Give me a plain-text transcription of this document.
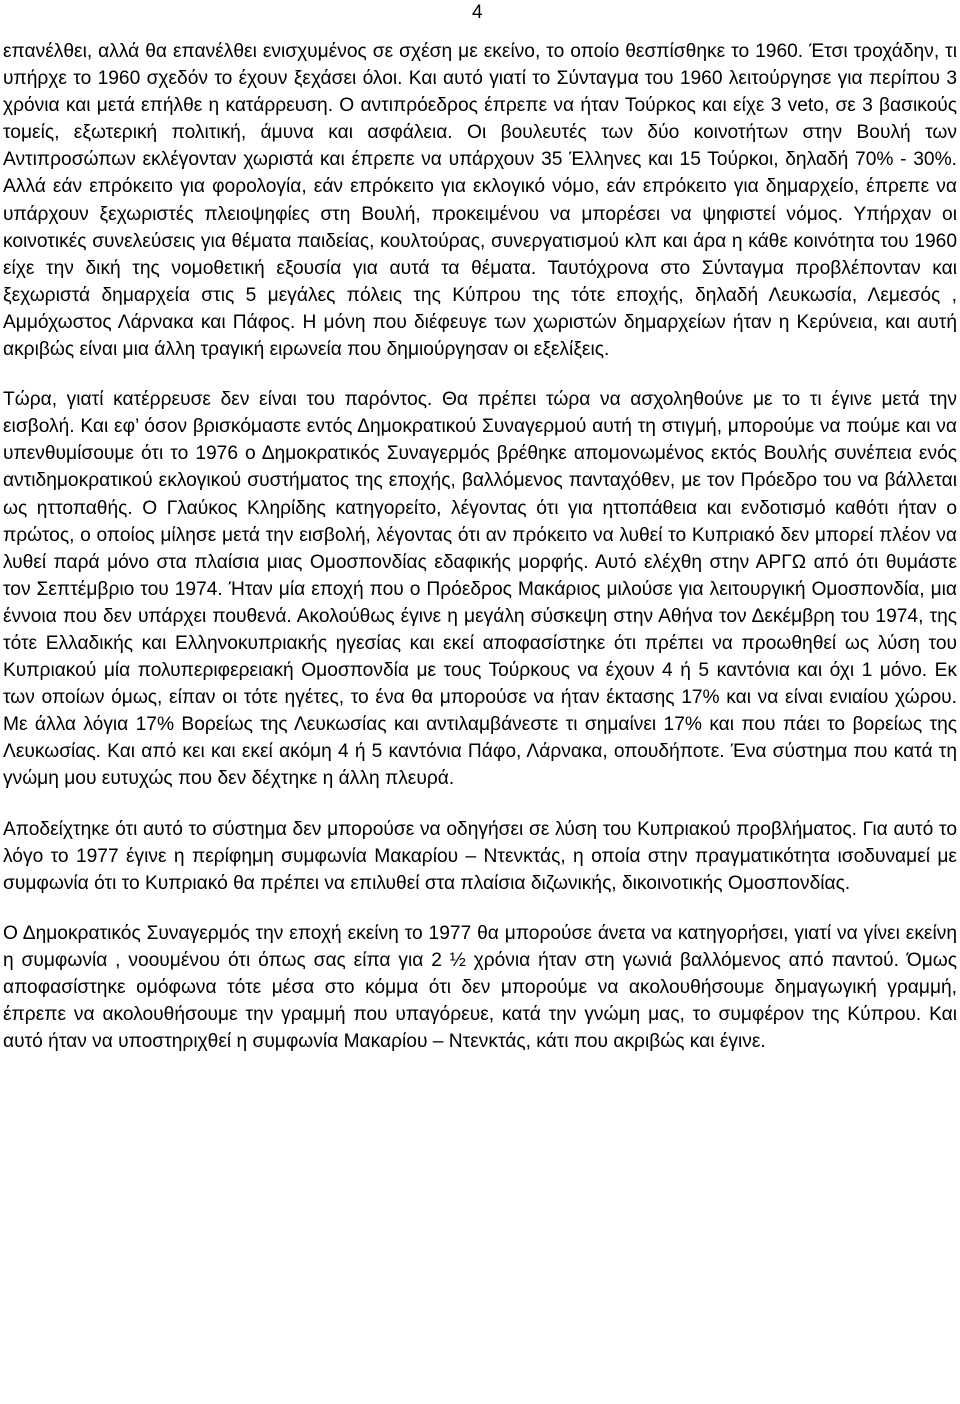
4

επανέλθει, αλλά θα επανέλθει ενισχυμένος σε σχέση με εκείνο, το οποίο θεσπίσθηκε το 1960. Έτσι τροχάδην, τι υπήρχε το 1960 σχεδόν το έχουν ξεχάσει όλοι. Και αυτό γιατί το Σύνταγμα του 1960 λειτούργησε για περίπου 3 χρόνια και μετά επήλθε η κατάρρευση. Ο αντιπρόεδρος έπρεπε να ήταν Τούρκος και είχε 3 veto, σε 3 βασικούς τομείς, εξωτερική πολιτική, άμυνα και ασφάλεια. Οι βουλευτές των δύο κοινοτήτων στην Βουλή των Αντιπροσώπων εκλέγονταν χωριστά και έπρεπε να υπάρχουν 35 Έλληνες και 15 Τούρκοι, δηλαδή 70% - 30%. Αλλά εάν επρόκειτο για φορολογία, εάν επρόκειτο για εκλογικό νόμο, εάν επρόκειτο για δημαρχείο, έπρεπε να υπάρχουν ξεχωριστές πλειοψηφίες στη Βουλή, προκειμένου να μπορέσει να ψηφιστεί νόμος. Υπήρχαν οι κοινοτικές συνελεύσεις για θέματα παιδείας, κουλτούρας, συνεργατισμού κλπ και άρα η κάθε κοινότητα του 1960 είχε την δική της νομοθετική εξουσία για αυτά τα θέματα. Ταυτόχρονα στο Σύνταγμα προβλέπονταν και ξεχωριστά δημαρχεία στις 5 μεγάλες πόλεις της Κύπρου της τότε εποχής, δηλαδή Λευκωσία, Λεμεσός , Αμμόχωστος Λάρνακα και Πάφος. Η μόνη που διέφευγε των χωριστών δημαρχείων ήταν η Κερύνεια, και αυτή ακριβώς είναι μια άλλη τραγική ειρωνεία που δημιούργησαν οι εξελίξεις.

Τώρα, γιατί κατέρρευσε δεν είναι του παρόντος. Θα πρέπει τώρα να ασχοληθούνε με το τι έγινε μετά την εισβολή. Και εφ’ όσον βρισκόμαστε εντός Δημοκρατικού Συναγερμού αυτή τη στιγμή, μπορούμε να πούμε και να υπενθυμίσουμε ότι το 1976 ο Δημοκρατικός Συναγερμός βρέθηκε απομονωμένος εκτός Βουλής συνέπεια ενός αντιδημοκρατικού εκλογικού συστήματος της εποχής, βαλλόμενος πανταχόθεν, με τον Πρόεδρο του να βάλλεται ως ηττοπαθής. Ο Γλαύκος Κληρίδης κατηγορείτο, λέγοντας ότι για ηττοπάθεια και ενδοτισμό καθότι ήταν ο πρώτος, ο οποίος μίλησε μετά την εισβολή, λέγοντας ότι αν πρόκειτο να λυθεί το Κυπριακό δεν μπορεί πλέον να λυθεί παρά μόνο στα πλαίσια μιας Ομοσπονδίας εδαφικής μορφής. Αυτό ελέχθη στην ΑΡΓΩ από ότι θυμάστε τον Σεπτέμβριο του 1974. Ήταν μία εποχή που ο Πρόεδρος Μακάριος μιλούσε για λειτουργική Ομοσπονδία, μια έννοια που δεν υπάρχει πουθενά. Ακολούθως έγινε η μεγάλη σύσκεψη στην Αθήνα τον Δεκέμβρη του 1974, της τότε Ελλαδικής και Ελληνοκυπριακής ηγεσίας και εκεί αποφασίστηκε ότι πρέπει να προωθηθεί ως λύση του Κυπριακού μία πολυπεριφερειακή Ομοσπονδία με τους Τούρκους να έχουν 4 ή 5 καντόνια και όχι 1 μόνο. Εκ των οποίων όμως, είπαν οι τότε ηγέτες, το ένα θα μπορούσε να ήταν έκτασης 17% και να είναι ενιαίου χώρου. Με άλλα λόγια 17% Βορείως της Λευκωσίας και αντιλαμβάνεστε τι σημαίνει 17% και που πάει το βορείως της Λευκωσίας. Και από κει και εκεί ακόμη 4 ή 5 καντόνια Πάφο, Λάρνακα, οπουδήποτε. Ένα σύστημα που κατά τη γνώμη μου ευτυχώς που δεν δέχτηκε η άλλη πλευρά.

Αποδείχτηκε ότι αυτό το σύστημα δεν μπορούσε να οδηγήσει σε λύση του Κυπριακού προβλήματος. Για αυτό το λόγο το 1977 έγινε η περίφημη συμφωνία Μακαρίου – Ντενκτάς, η οποία στην πραγματικότητα ισοδυναμεί με συμφωνία ότι το Κυπριακό θα πρέπει να επιλυθεί στα πλαίσια διζωνικής, δικοινοτικής Ομοσπονδίας.

Ο Δημοκρατικός Συναγερμός την εποχή εκείνη το 1977 θα μπορούσε άνετα να κατηγορήσει, γιατί να γίνει εκείνη η συμφωνία , νοουμένου ότι όπως σας είπα για 2 ½ χρόνια ήταν στη γωνιά βαλλόμενος από παντού. Όμως αποφασίστηκε ομόφωνα τότε μέσα στο κόμμα ότι δεν μπορούμε να ακολουθήσουμε δημαγωγική γραμμή, έπρεπε να ακολουθήσουμε την γραμμή που υπαγόρευε, κατά την γνώμη μας, το συμφέρον της Κύπρου. Και αυτό ήταν να υποστηριχθεί η συμφωνία Μακαρίου – Ντενκτάς, κάτι που ακριβώς και έγινε.
